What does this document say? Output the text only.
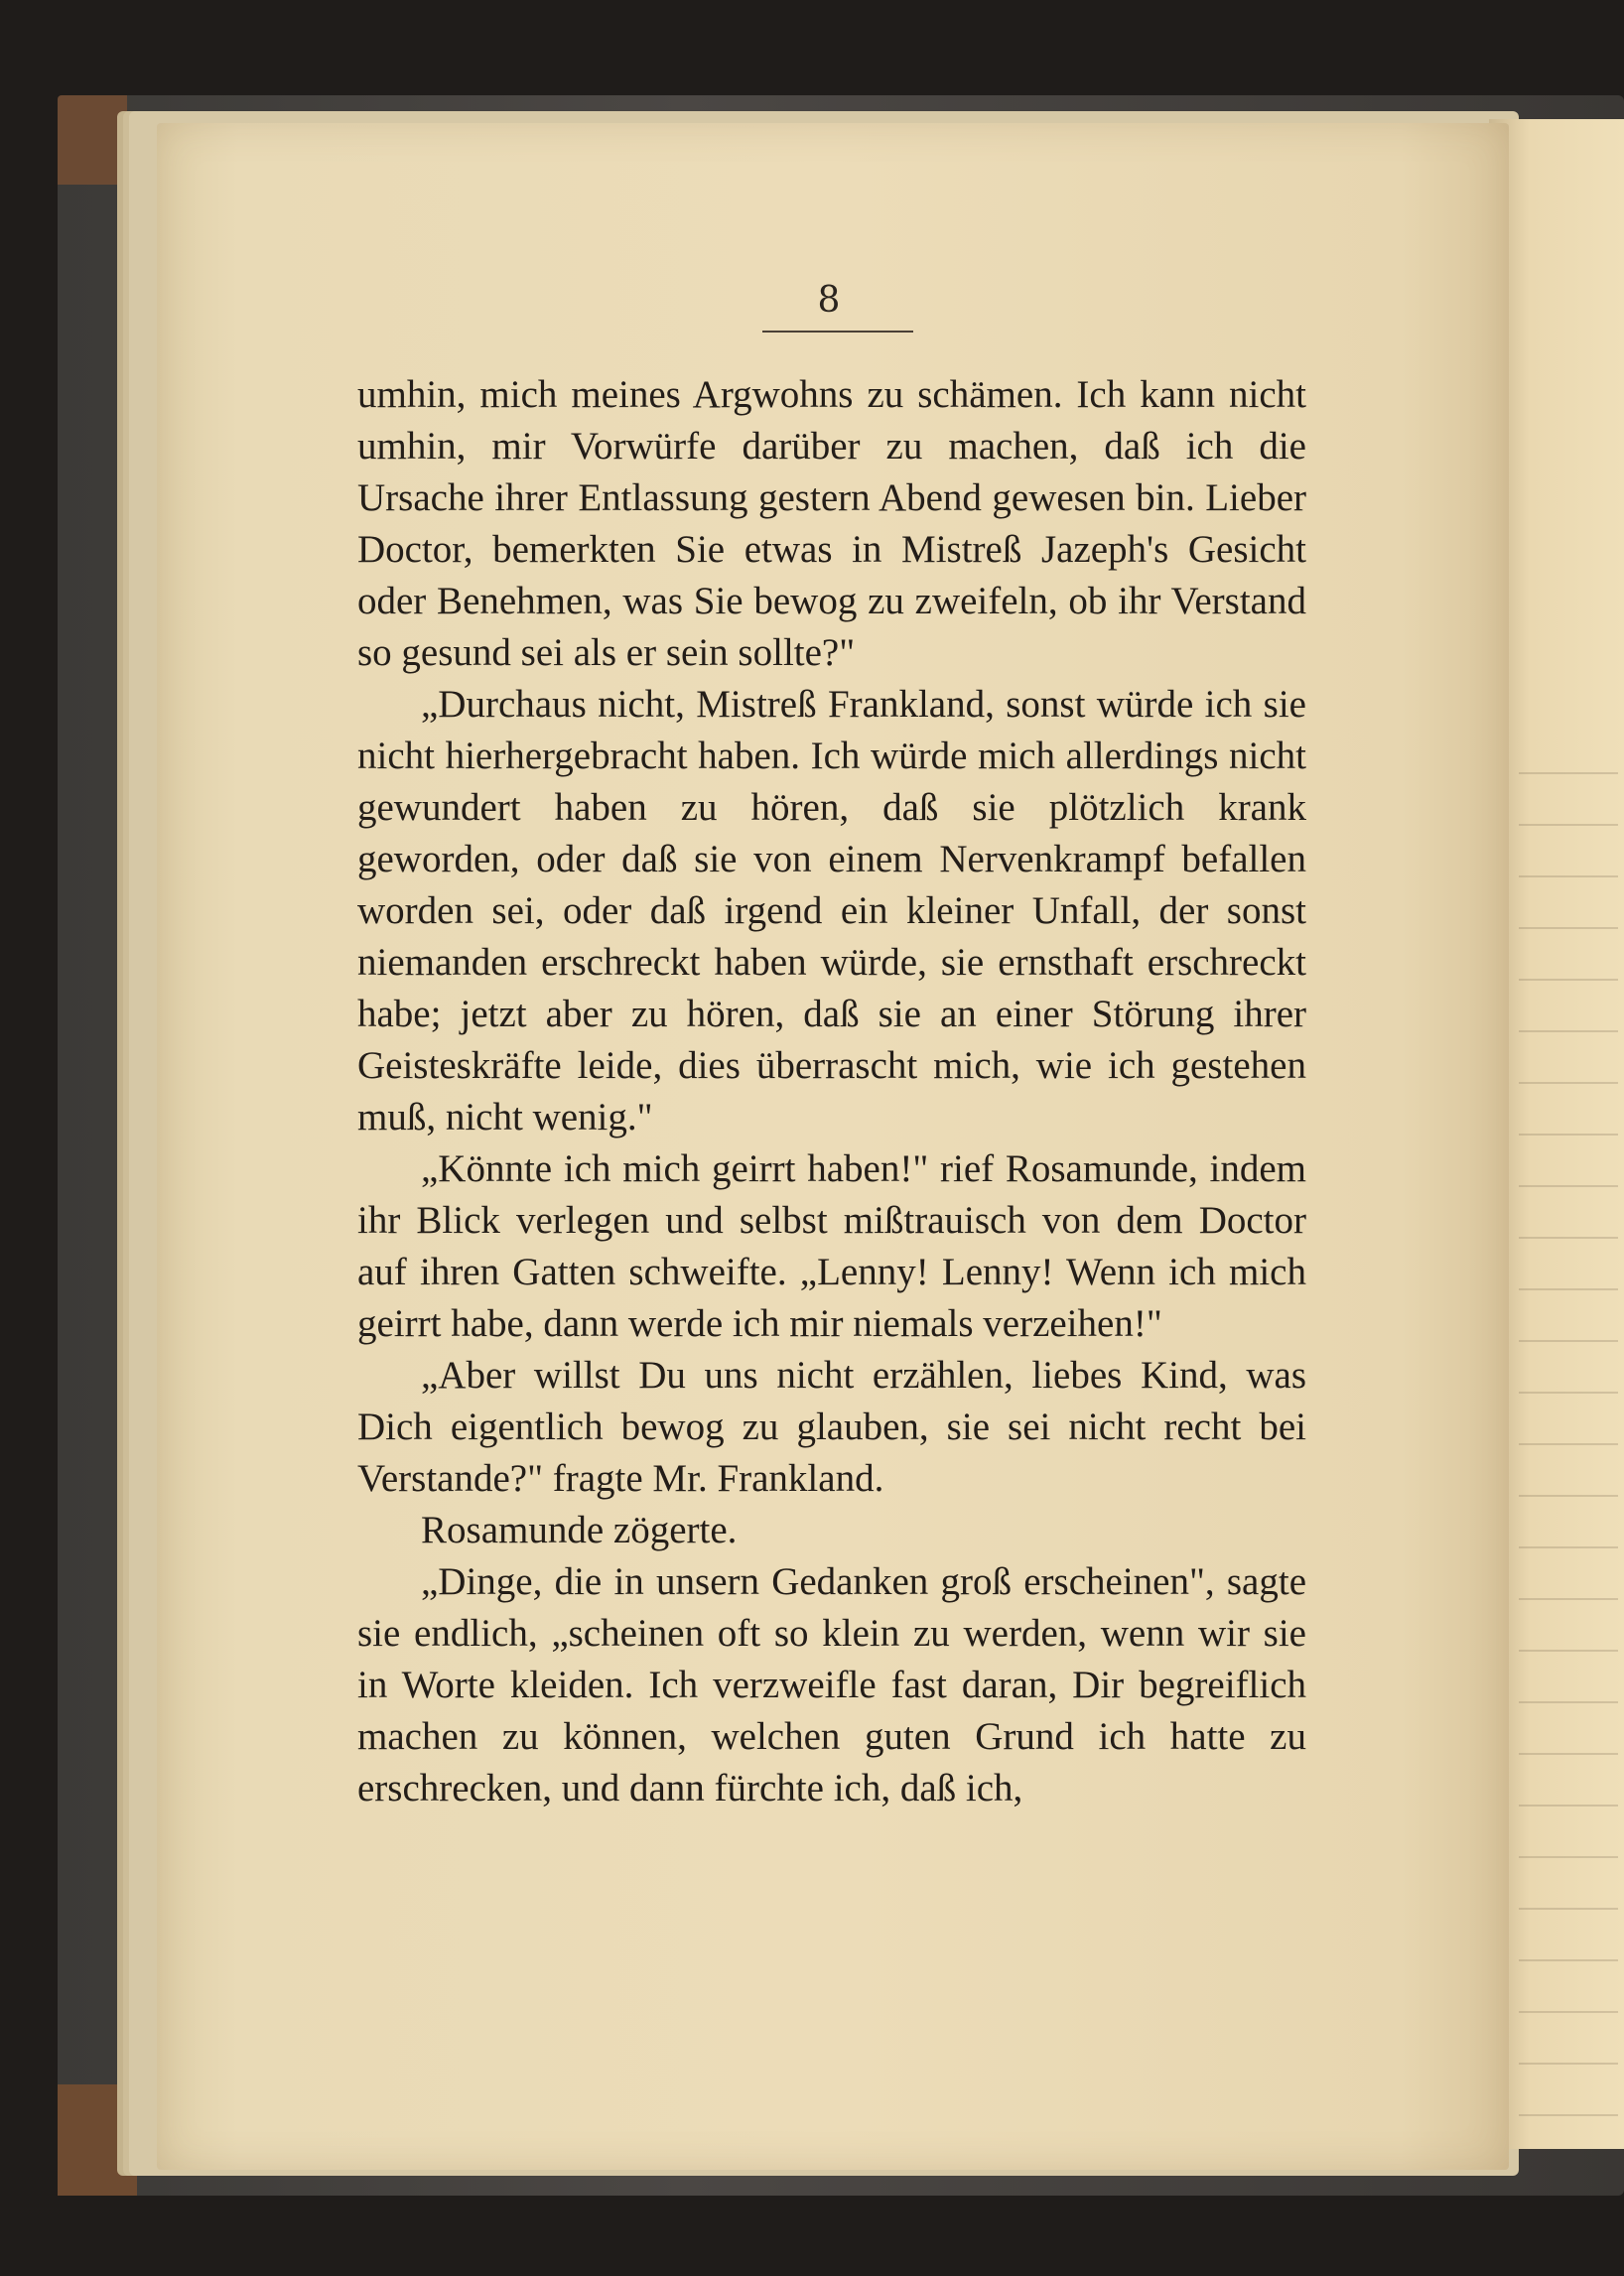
8

umhin, mich meines Argwohns zu schämen. Ich kann nicht umhin, mir Vorwürfe darüber zu machen, daß ich die Ursache ihrer Entlassung gestern Abend gewesen bin. Lieber Doctor, bemerkten Sie etwas in Mistreß Jazeph's Gesicht oder Benehmen, was Sie bewog zu zweifeln, ob ihr Verstand so gesund sei als er sein sollte?"

„Durchaus nicht, Mistreß Frankland, sonst würde ich sie nicht hierhergebracht haben. Ich würde mich allerdings nicht gewundert haben zu hören, daß sie plötzlich krank geworden, oder daß sie von einem Nervenkrampf befallen worden sei, oder daß irgend ein kleiner Unfall, der sonst niemanden erschreckt haben würde, sie ernsthaft erschreckt habe; jetzt aber zu hören, daß sie an einer Störung ihrer Geisteskräfte leide, dies überrascht mich, wie ich gestehen muß, nicht wenig."

„Könnte ich mich geirrt haben!" rief Rosamunde, indem ihr Blick verlegen und selbst mißtrauisch von dem Doctor auf ihren Gatten schweifte. „Lenny! Lenny! Wenn ich mich geirrt habe, dann werde ich mir niemals verzeihen!"

„Aber willst Du uns nicht erzählen, liebes Kind, was Dich eigentlich bewog zu glauben, sie sei nicht recht bei Verstande?" fragte Mr. Frankland.

Rosamunde zögerte.

„Dinge, die in unsern Gedanken groß erscheinen", sagte sie endlich, „scheinen oft so klein zu werden, wenn wir sie in Worte kleiden. Ich verzweifle fast daran, Dir begreiflich machen zu können, welchen guten Grund ich hatte zu erschrecken, und dann fürchte ich, daß ich,
